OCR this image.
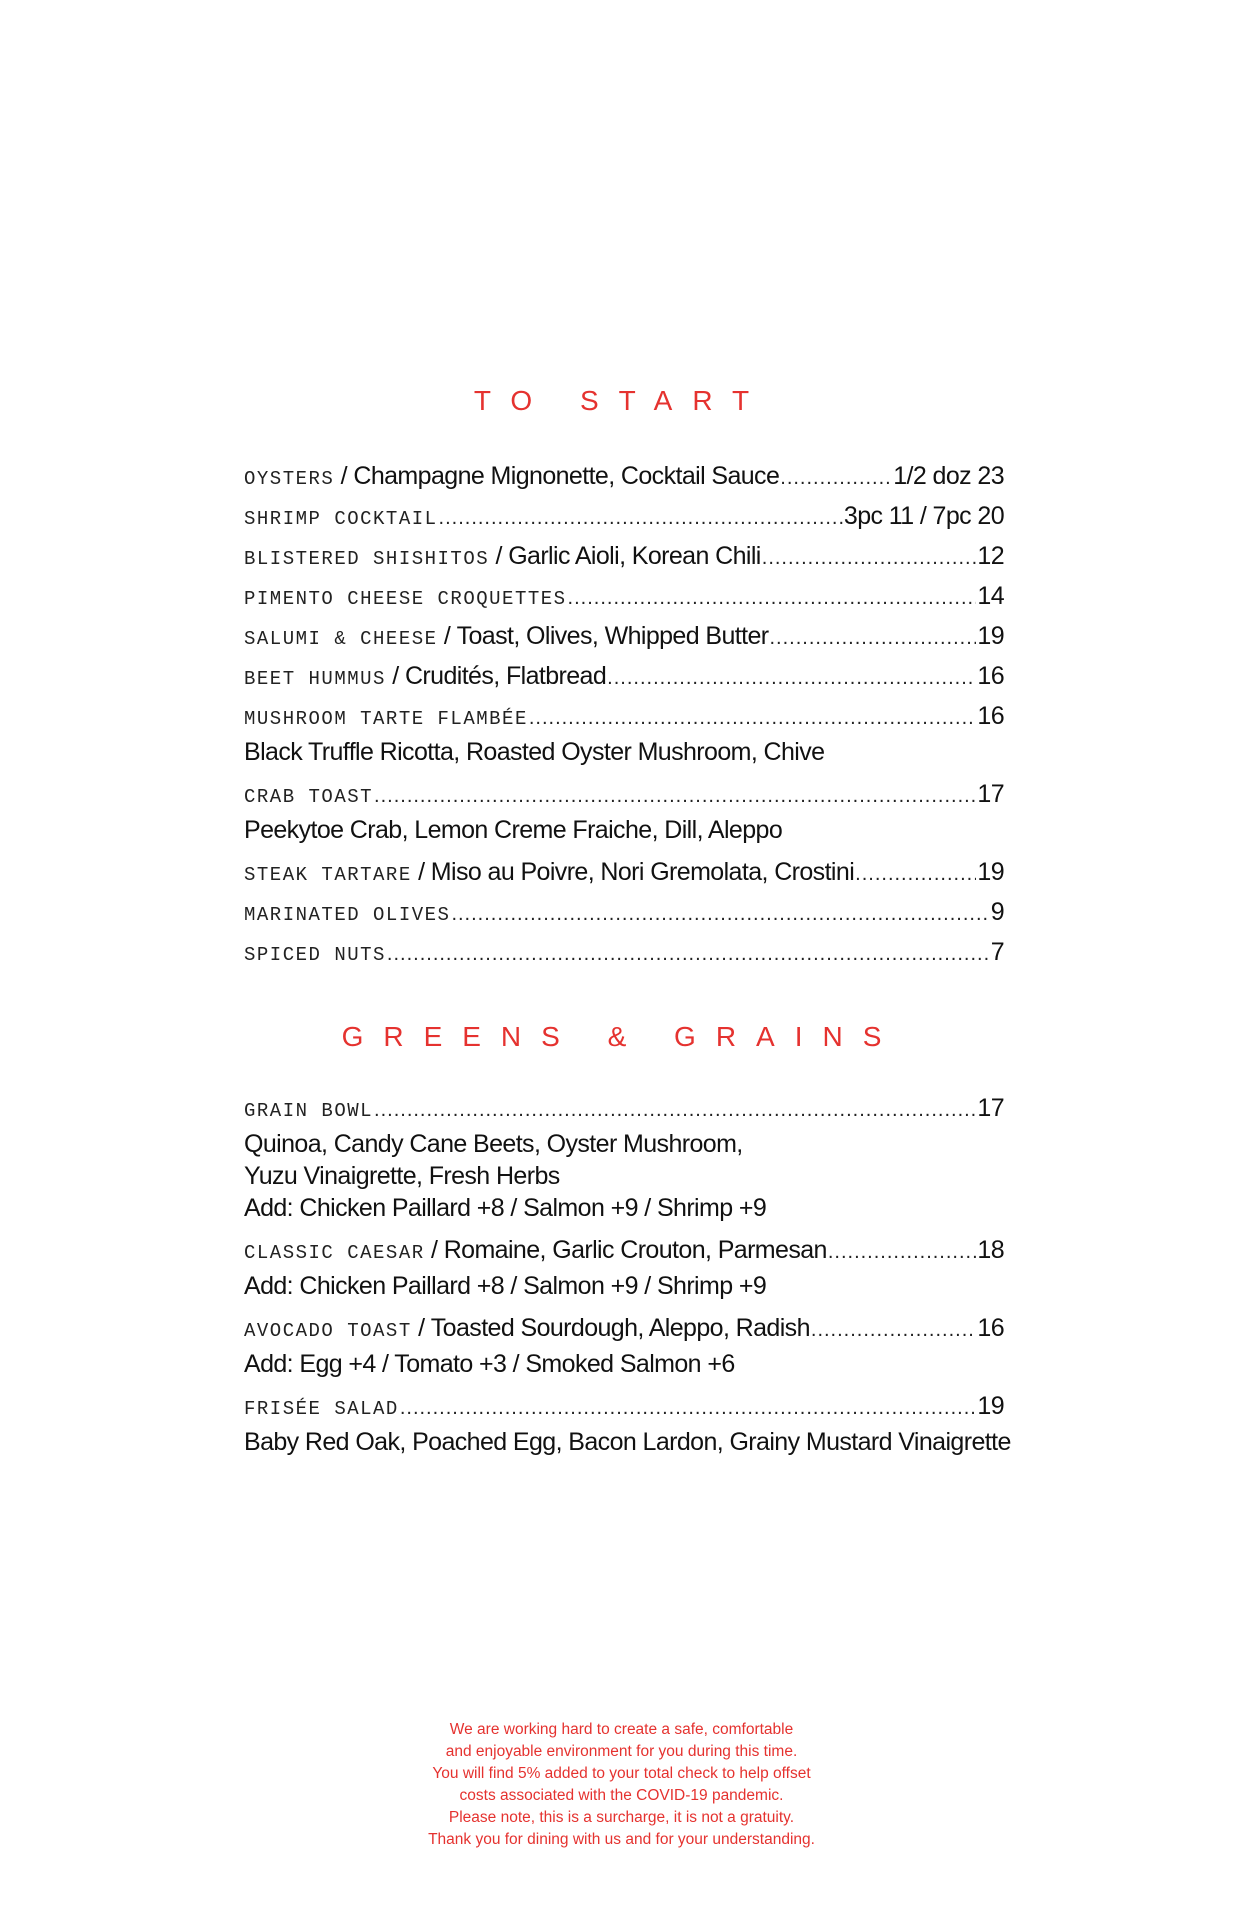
TO START
OYSTERS / Champagne Mignonette, Cocktail Sauce .....	1/2 doz 23
SHRIMP COCKTAIL .....	3pc 11 / 7pc 20
BLISTERED SHISHITOS / Garlic Aioli, Korean Chili .....	12
PIMENTO CHEESE CROQUETTES .....	14
SALUMI & CHEESE / Toast, Olives, Whipped Butter .....	19
BEET HUMMUS / Crudités, Flatbread .....	16
MUSHROOM TARTE FLAMBÉE .....	16
Black Truffle Ricotta, Roasted Oyster Mushroom, Chive
CRAB TOAST .....	17
Peekytoe Crab, Lemon Creme Fraiche, Dill, Aleppo
STEAK TARTARE / Miso au Poivre, Nori Gremolata, Crostini .....	19
MARINATED OLIVES .....	9
SPICED NUTS .....	7
GREENS & GRAINS
GRAIN BOWL .....	17
Quinoa, Candy Cane Beets, Oyster Mushroom,
Yuzu Vinaigrette, Fresh Herbs
Add: Chicken Paillard +8 / Salmon +9 / Shrimp +9
CLASSIC CAESAR / Romaine, Garlic Crouton, Parmesan .....	18
Add: Chicken Paillard +8 / Salmon +9 / Shrimp +9
AVOCADO TOAST / Toasted Sourdough, Aleppo, Radish .....	16
Add: Egg +4 / Tomato +3 / Smoked Salmon +6
FRISÉE SALAD .....	19
Baby Red Oak, Poached Egg, Bacon Lardon, Grainy Mustard Vinaigrette
We are working hard to create a safe, comfortable
and enjoyable environment for you during this time.
You will find 5% added to your total check to help offset
costs associated with the COVID-19 pandemic.
Please note, this is a surcharge, it is not a gratuity.
Thank you for dining with us and for your understanding.
